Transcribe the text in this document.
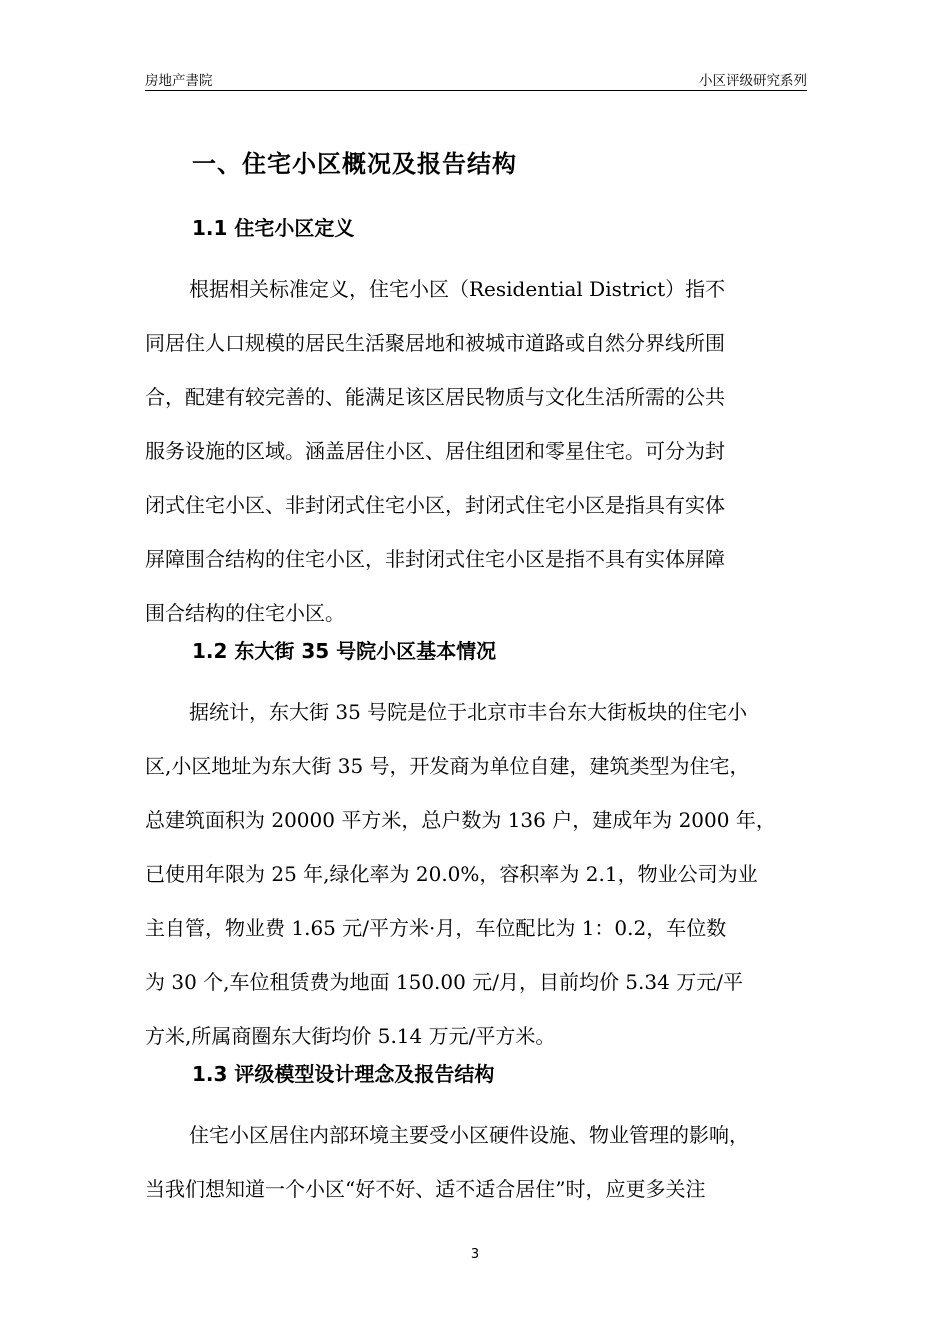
房地产書院	小区评级研究系列
一、住宅小区概况及报告结构
1.1 住宅小区定义
根据相关标准定义，住宅小区（Residential District）指不
同居住人口规模的居民生活聚居地和被城市道路或自然分界线所围
合，配建有较完善的、能满足该区居民物质与文化生活所需的公共
服务设施的区域。涵盖居住小区、居住组团和零星住宅。可分为封
闭式住宅小区、非封闭式住宅小区，封闭式住宅小区是指具有实体
屏障围合结构的住宅小区，非封闭式住宅小区是指不具有实体屏障
围合结构的住宅小区。
1.2 东大街 35 号院小区基本情况
据统计，东大街 35 号院是位于北京市丰台东大街板块的住宅小
区,小区地址为东大街 35 号，开发商为单位自建，建筑类型为住宅，
总建筑面积为 20000 平方米，总户数为 136 户，建成年为 2000 年，
已使用年限为 25 年,绿化率为 20.0%，容积率为 2.1，物业公司为业
主自管，物业费 1.65 元/平方米·月，车位配比为 1：0.2，车位数
为 30 个,车位租赁费为地面 150.00 元/月，目前均价 5.34 万元/平
方米,所属商圈东大街均价 5.14 万元/平方米。
1.3 评级模型设计理念及报告结构
住宅小区居住内部环境主要受小区硬件设施、物业管理的影响，
当我们想知道一个小区“好不好、适不适合居住”时，应更多关注
3
